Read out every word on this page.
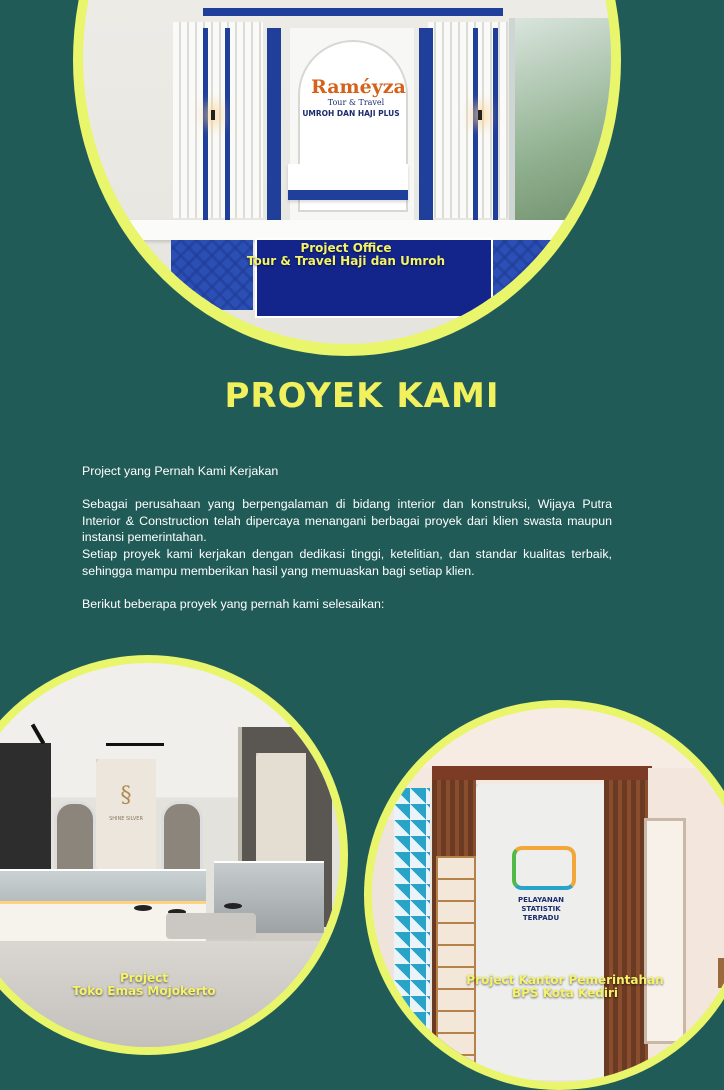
Raméyza
Tour & Travel
UMROH DAN HAJI PLUS
Project Office
Tour & Travel Haji dan Umroh
PROYEK KAMI

Project yang Pernah Kami Kerjakan

Sebagai perusahaan yang berpengalaman di bidang interior dan konstruksi, Wijaya Putra Interior & Construction telah dipercaya menangani berbagai proyek dari klien swasta maupun instansi pemerintahan.

Setiap proyek kami kerjakan dengan dedikasi tinggi, ketelitian, dan standar kualitas terbaik, sehingga mampu memberikan hasil yang memuaskan bagi setiap klien.

Berikut beberapa proyek yang pernah kami selesaikan:

§
SHINE SILVER
Project
Toko Emas Mojokerto
PELAYANAN
STATISTIK
TERPADU
Project Kantor Pemerintahan
BPS Kota Kediri
